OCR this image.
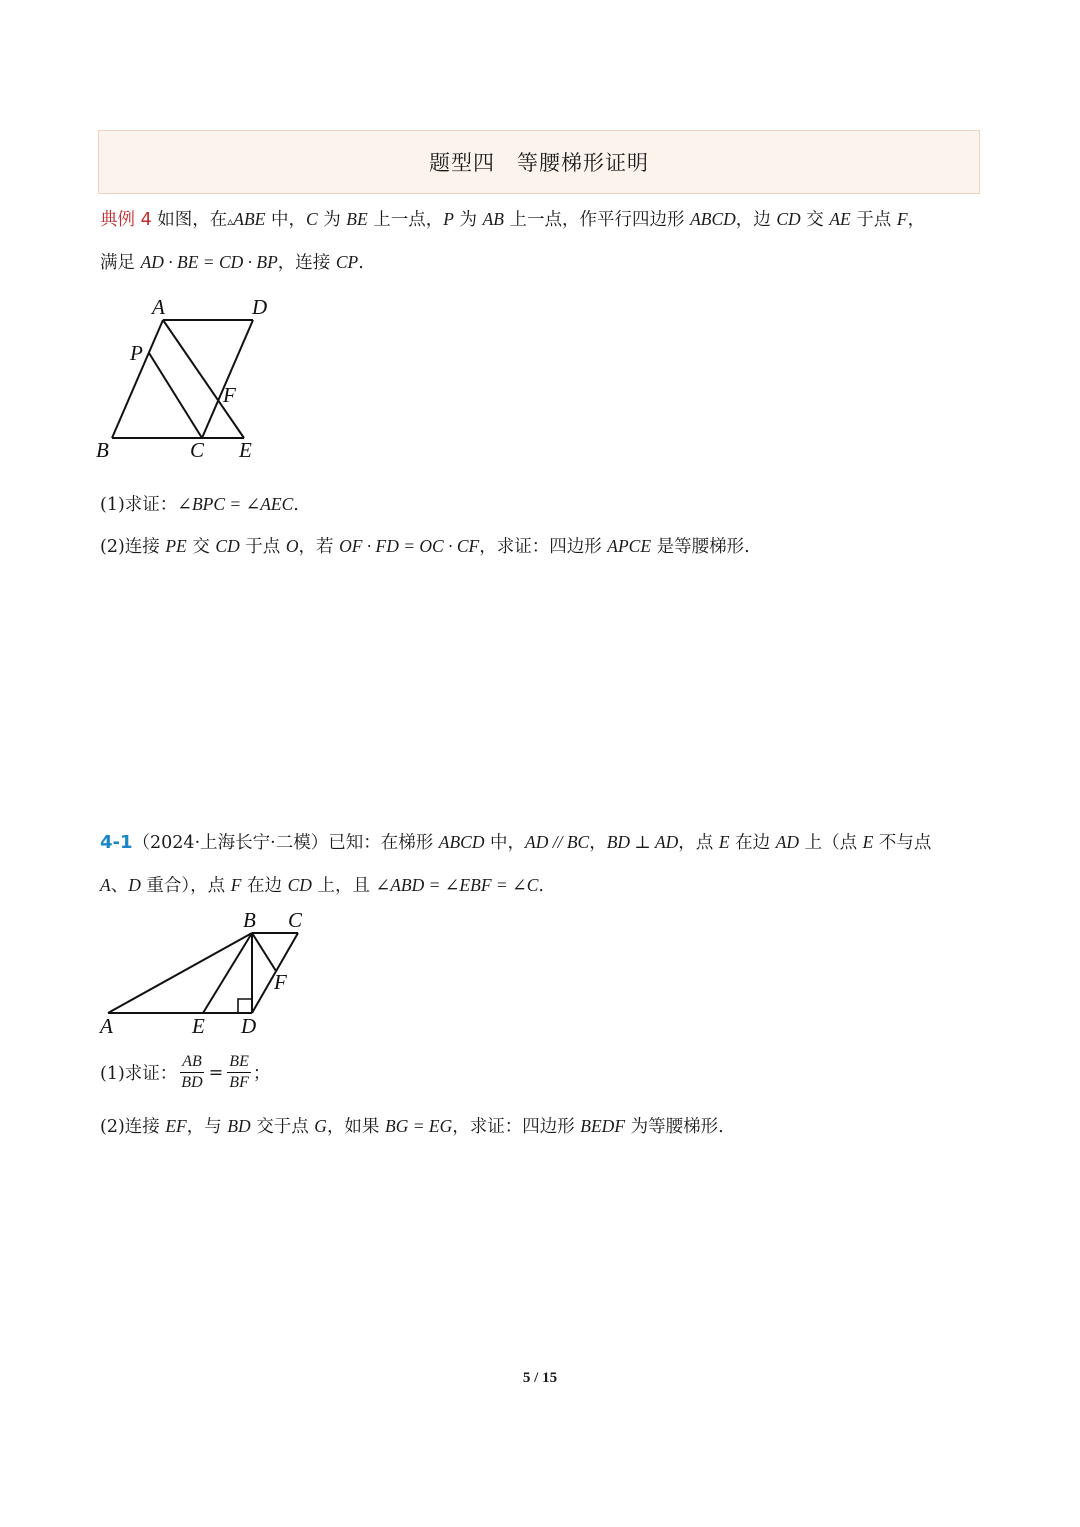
题型四　等腰梯形证明
典例 4 如图，在▵ABE 中，C 为 BE 上一点，P 为 AB 上一点，作平行四边形 ABCD，边 CD 交 AE 于点 F，
满足 AD · BE = CD · BP，连接 CP.
A	D
P
F
B	C E
(1)求证：∠BPC = ∠AEC.
(2)连接 PE 交 CD 于点 O，若 OF · FD = OC · CF，求证：四边形 APCE 是等腰梯形.
4-1（2024·上海长宁·二模）已知：在梯形 ABCD 中，AD // BC，BD ⊥ AD，点 E 在边 AD 上（点 E 不与点
A、D 重合），点 F 在边 CD 上，且 ∠ABD = ∠EBF = ∠C.
B C
F
A	E D
(1)求证： $\frac{AB}{BD} = \frac{BE}{BF}$ ；
(2)连接 EF，与 BD 交于点 G，如果 BG = EG，求证：四边形 BEDF 为等腰梯形.
5 / 15
